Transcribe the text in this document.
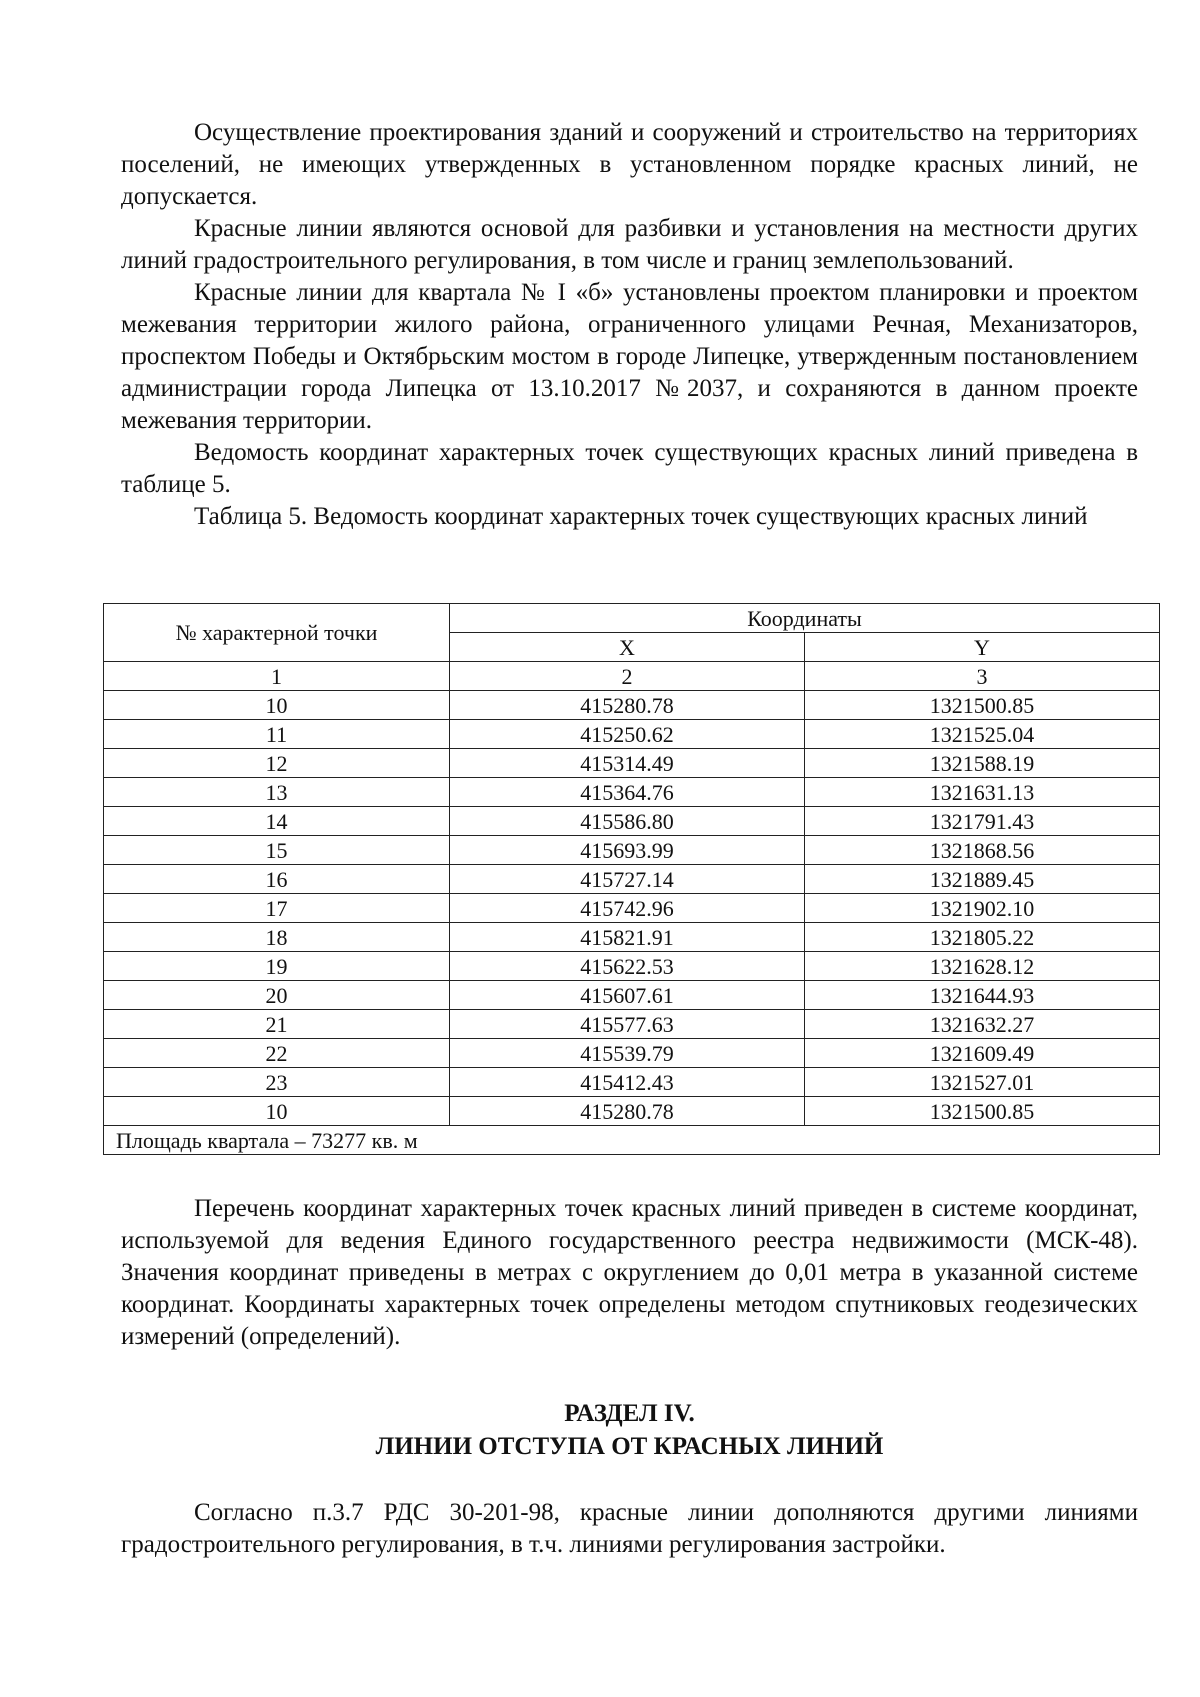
Осуществление проектирования зданий и сооружений и строительство на территориях поселений, не имеющих утвержденных в установленном порядке красных линий, не допускается.

Красные линии являются основой для разбивки и установления на местности других линий градостроительного регулирования, в том числе и границ землепользований.

Красные линии для квартала № I «б» установлены проектом планировки и проектом межевания территории жилого района, ограниченного улицами Речная, Механизаторов, проспектом Победы и Октябрьским мостом в городе Липецке, утвержденным постановлением администрации города Липецка от 13.10.2017 №2037, и сохраняются в данном проекте межевания территории.

Ведомость координат характерных точек существующих красных линий приведена в таблице 5.

Таблица 5. Ведомость координат характерных точек существующих красных линий

№ характерной точки	Координаты	
	X	Y
1	2	3
10	415280.78	1321500.85
11	415250.62	1321525.04
12	415314.49	1321588.19
13	415364.76	1321631.13
14	415586.80	1321791.43
15	415693.99	1321868.56
16	415727.14	1321889.45
17	415742.96	1321902.10
18	415821.91	1321805.22
19	415622.53	1321628.12
20	415607.61	1321644.93
21	415577.63	1321632.27
22	415539.79	1321609.49
23	415412.43	1321527.01
10	415280.78	1321500.85
Площадь квартала – 73277 кв. м		

Перечень координат характерных точек красных линий приведен в системе координат, используемой для ведения Единого государственного реестра недвижимости (МСК-48). Значения координат приведены в метрах с округлением до 0,01 метра в указанной системе координат. Координаты характерных точек определены методом спутниковых геодезических измерений (определений).

РАЗДЕЛ IV.
ЛИНИИ ОТСТУПА ОТ КРАСНЫХ ЛИНИЙ

Согласно п.3.7 РДС 30-201-98, красные линии дополняются другими линиями градостроительного регулирования, в т.ч. линиями регулирования застройки.
